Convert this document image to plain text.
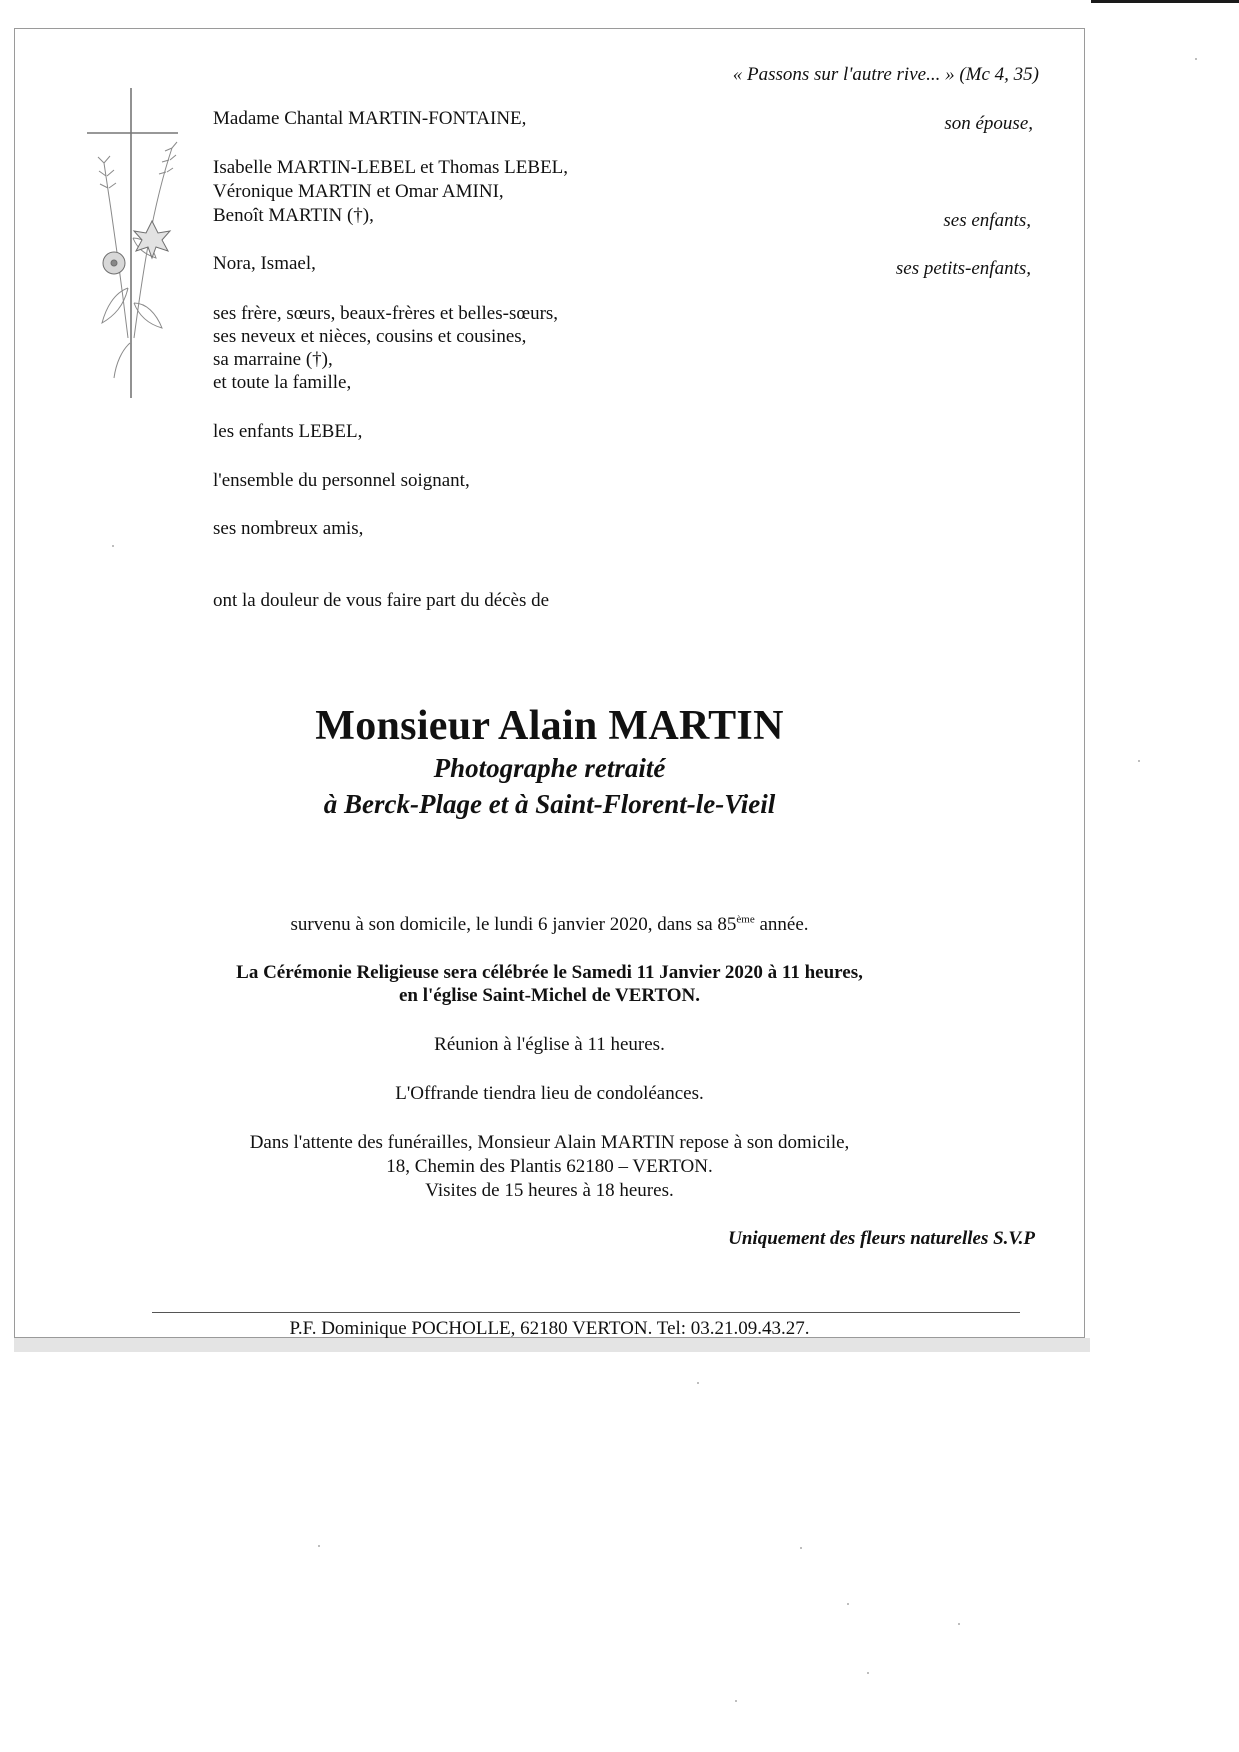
« Passons sur l'autre rive... » (Mc 4, 35)
Madame Chantal MARTIN-FONTAINE,	son épouse,
Isabelle MARTIN-LEBEL et Thomas LEBEL,
Véronique MARTIN et Omar AMINI,
Benoît MARTIN (†),	ses enfants,
Nora, Ismael,	ses petits-enfants,
ses frère, sœurs, beaux-frères et belles-sœurs,
ses neveux et nièces, cousins et cousines,
sa marraine (†),
et toute la famille,
les enfants LEBEL,
l'ensemble du personnel soignant,
ses nombreux amis,
ont la douleur de vous faire part du décès de
Monsieur Alain MARTIN
Photographe retraité
à Berck-Plage et à Saint-Florent-le-Vieil
survenu à son domicile, le lundi 6 janvier 2020, dans sa 85ème année.
La Cérémonie Religieuse sera célébrée le Samedi 11 Janvier 2020 à 11 heures,
en l'église Saint-Michel de VERTON.
Réunion à l'église à 11 heures.
L'Offrande tiendra lieu de condoléances.
Dans l'attente des funérailles, Monsieur Alain MARTIN repose à son domicile,
18, Chemin des Plantis 62180 – VERTON.
Visites de 15 heures à 18 heures.
Uniquement des fleurs naturelles S.V.P
P.F. Dominique POCHOLLE, 62180 VERTON. Tel: 03.21.09.43.27.
